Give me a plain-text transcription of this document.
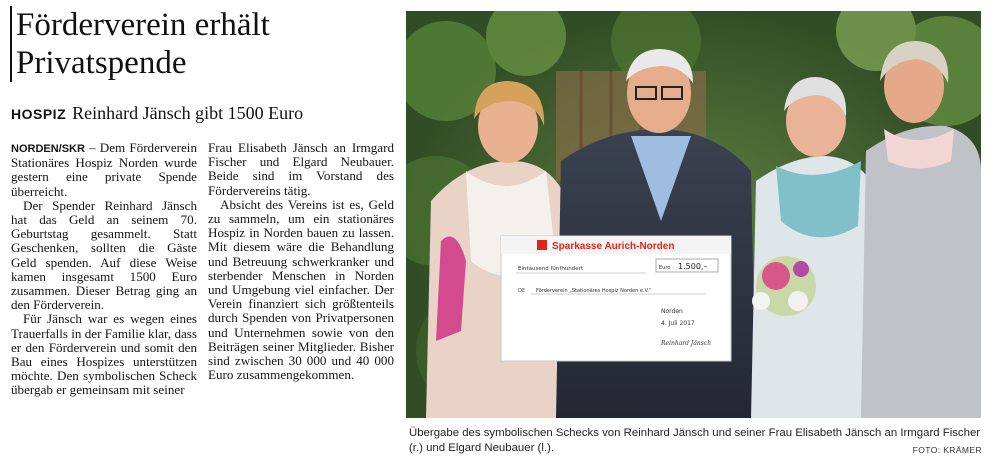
Förderverein erhält
Privatspende
HOSPIZ Reinhard Jänsch gibt 1500 Euro

NORDEN/SKR – Dem Förderverein Stationäres Hospiz Norden wurde gestern eine private Spende überreicht.

Der Spender Reinhard Jänsch hat das Geld an seinem 70. Geburtstag gesammelt. Statt Geschenken, sollten die Gäste Geld spenden. Auf diese Weise kamen insgesamt 1500 Euro zusammen. Dieser Betrag ging an den Förderverein.

Für Jänsch war es wegen eines Trauerfalls in der Familie klar, dass er den Förderverein und somit den Bau eines Hospizes unterstützen möchte. Den symbolischen Scheck übergab er gemeinsam mit seiner

Frau Elisabeth Jänsch an Irmgard Fischer und Elgard Neubauer. Beide sind im Vorstand des Fördervereins tätig.

Absicht des Vereins ist es, Geld zu sammeln, um ein stationäres Hospiz in Norden bauen zu lassen. Mit diesem wäre die Behandlung und Betreuung schwerkranker und sterbender Menschen in Norden und Umgebung viel einfacher. Der Verein finanziert sich größtenteils durch Spenden von Privatpersonen und Unternehmen sowie von den Beiträgen seiner Mitglieder. Bisher sind zwischen 30 000 und 40 000 Euro zusammengekommen.

Sparkasse Aurich-Norden
Eintausend fünfhundert	Euro 1.500,–
DE Förderverein „Stationäres Hospiz Norden e.V.“
Norden
4. Juli 2017
Reinhard Jänsch
Übergabe des symbolischen Schecks von Reinhard Jänsch und seiner Frau Elisabeth Jänsch an Irmgard Fischer (r.) und Elgard Neubauer (l.).	FOTO: KRÄMER
